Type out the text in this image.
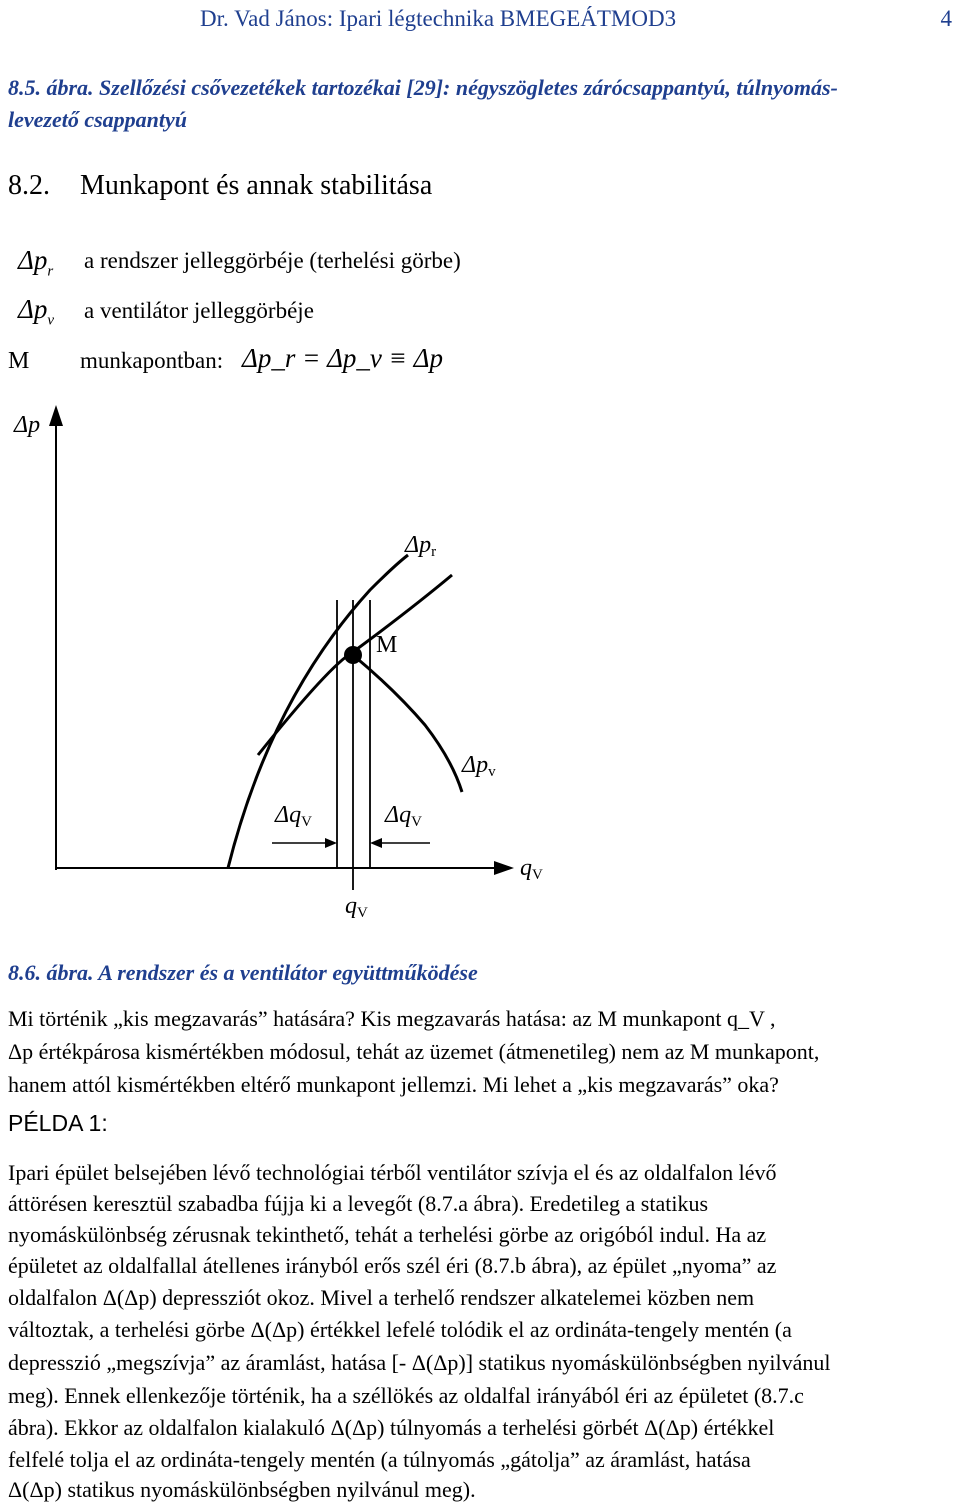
Dr. Vad János: Ipari légtechnika BMEGEÁTMOD3	4
8.5. ábra. Szellőzési csővezetékek tartozékai [29]: négyszögletes zárócsappantyú, túlnyomás-
levezető csappantyú
8.2. Munkapont és annak stabilitása
$\Delta p_r$ a rendszer jelleggörbéje (terhelési görbe)
$\Delta p_v$ a ventilátor jelleggörbéje
M munkapontban: Δp_r = Δp_v ≡ Δp
Δp
$\Delta p_r$
M
$\Delta p_v$
$\Delta q_V$	$\Delta q_V$
$q_V$
$q_V$
8.6. ábra. A rendszer és a ventilátor együttműködése
Mi történik „kis megzavarás” hatására? Kis megzavarás hatása: az M munkapont q_V ,
Δp értékpárosa kismértékben módosul, tehát az üzemet (átmenetileg) nem az M munkapont,
hanem attól kismértékben eltérő munkapont jellemzi. Mi lehet a „kis megzavarás” oka?
PÉLDA 1:
Ipari épület belsejében lévő technológiai térből ventilátor szívja el és az oldalfalon lévő
áttörésen keresztül szabadba fújja ki a levegőt (8.7.a ábra). Eredetileg a statikus
nyomáskülönbség zérusnak tekinthető, tehát a terhelési görbe az origóból indul. Ha az
épületet az oldalfallal átellenes irányból erős szél éri (8.7.b ábra), az épület „nyoma” az
oldalfalon Δ(Δp) depressziót okoz. Mivel a terhelő rendszer alkatelemei közben nem
változtak, a terhelési görbe Δ(Δp) értékkel lefelé tolódik el az ordináta-tengely mentén (a
depresszió „megszívja” az áramlást, hatása [- Δ(Δp)] statikus nyomáskülönbségben nyilvánul
meg). Ennek ellenkezője történik, ha a széllökés az oldalfal irányából éri az épületet (8.7.c
ábra). Ekkor az oldalfalon kialakuló Δ(Δp) túlnyomás a terhelési görbét Δ(Δp) értékkel
felfelé tolja el az ordináta-tengely mentén (a túlnyomás „gátolja” az áramlást, hatása
Δ(Δp) statikus nyomáskülönbségben nyilvánul meg).
